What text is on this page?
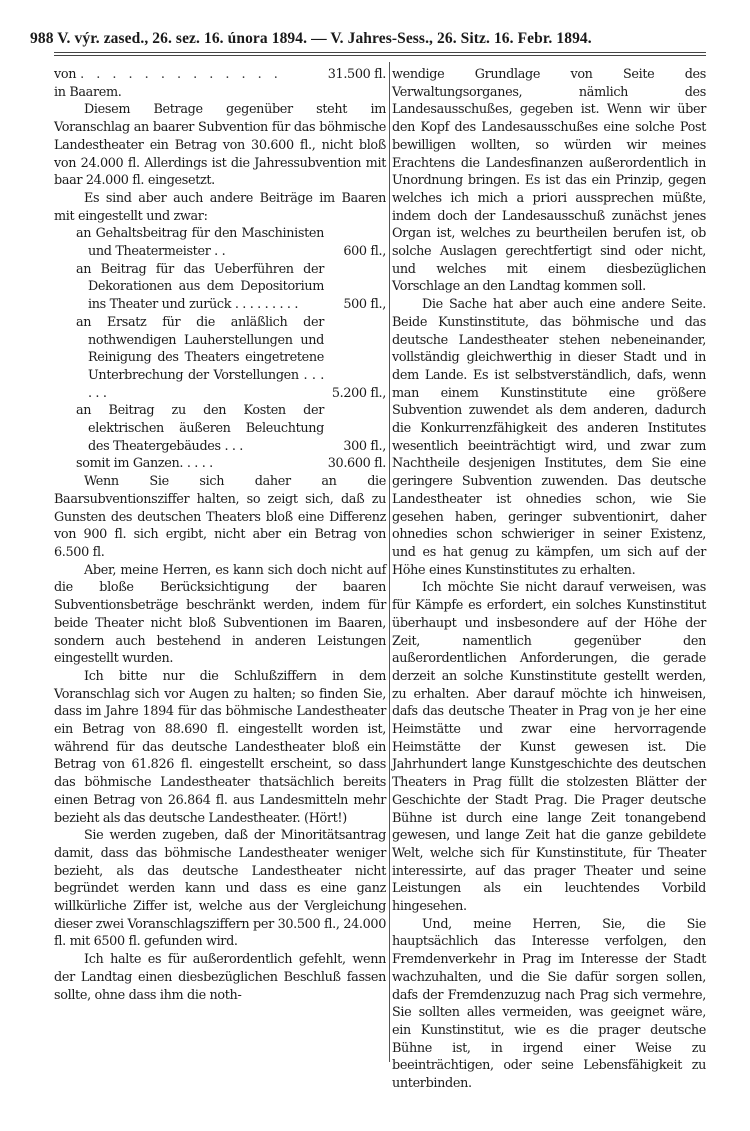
988 V. výr. zased., 26. sez. 16. února 1894. — V. Jahres-Sess., 26. Sitz. 16. Febr. 1894.
von . . . . . . . . . . . . .	31.500 fl.

in Baarem.

Diesem Betrage gegenüber steht im Voranschlag an baarer Subvention für das böhmische Landestheater ein Betrag von 30.600 fl., nicht bloß von 24.000 fl. Allerdings ist die Jahressubvention mit baar 24.000 fl. eingesetzt.

Es sind aber auch andere Beiträge im Baaren mit eingestellt und zwar:

an Gehaltsbeitrag für den Maschinisten und Theatermeister . .	600 fl.,
an Beitrag für das Ueberführen der Dekorationen aus dem Depositorium ins Theater und zurück . . . . . . . . .	500 fl.,
an Ersatz für die anläßlich der nothwendigen Lauherstellungen und Reinigung des Theaters eingetretene Unterbrechung der Vorstellungen . . . . . .	5.200 fl.,
an Beitrag zu den Kosten der elektrischen äußeren Beleuchtung des Theatergebäudes . . .	300 fl.,
somit im Ganzen. . . . .	30.600 fl.

Wenn Sie sich daher an die Baarsubventionsziffer halten, so zeigt sich, daß zu Gunsten des deutschen Theaters bloß eine Differenz von 900 fl. sich ergibt, nicht aber ein Betrag von 6.500 fl.

Aber, meine Herren, es kann sich doch nicht auf die bloße Berücksichtigung der baaren Subventionsbeträge beschränkt werden, indem für beide Theater nicht bloß Subventionen im Baaren, sondern auch bestehend in anderen Leistungen eingestellt wurden.

Ich bitte nur die Schlußziffern in dem Voranschlag sich vor Augen zu halten; so finden Sie, dass im Jahre 1894 für das böhmische Landestheater ein Betrag von 88.690 fl. eingestellt worden ist, während für das deutsche Landestheater bloß ein Betrag von 61.826 fl. eingestellt erscheint, so dass das böhmische Landestheater thatsächlich bereits einen Betrag von 26.864 fl. aus Landesmitteln mehr bezieht als das deutsche Landestheater. (Hört!)

Sie werden zugeben, daß der Minoritätsantrag damit, dass das böhmische Landestheater weniger bezieht, als das deutsche Landestheater nicht begründet werden kann und dass es eine ganz willkürliche Ziffer ist, welche aus der Vergleichung dieser zwei Voranschlagsziffern per 30.500 fl., 24.000 fl. mit 6500 fl. gefunden wird.

Ich halte es für außerordentlich gefehlt, wenn der Landtag einen diesbezüglichen Beschluß fassen sollte, ohne dass ihm die noth-

wendige Grundlage von Seite des Verwaltungsorganes, nämlich des Landesausschußes, gegeben ist. Wenn wir über den Kopf des Landesausschußes eine solche Post bewilligen wollten, so würden wir meines Erachtens die Landesfinanzen außerordentlich in Unordnung bringen. Es ist das ein Prinzip, gegen welches ich mich a priori aussprechen müßte, indem doch der Landesausschuß zunächst jenes Organ ist, welches zu beurtheilen berufen ist, ob solche Auslagen gerechtfertigt sind oder nicht, und welches mit einem diesbezüglichen Vorschlage an den Landtag kommen soll.

Die Sache hat aber auch eine andere Seite. Beide Kunstinstitute, das böhmische und das deutsche Landestheater stehen nebeneinander, vollständig gleichwerthig in dieser Stadt und in dem Lande. Es ist selbstverständlich, dafs, wenn man einem Kunstinstitute eine größere Subvention zuwendet als dem anderen, dadurch die Konkurrenzfähigkeit des anderen Institutes wesentlich beeinträchtigt wird, und zwar zum Nachtheile desjenigen Institutes, dem Sie eine geringere Subvention zuwenden. Das deutsche Landestheater ist ohnedies schon, wie Sie gesehen haben, geringer subventionirt, daher ohnedies schon schwieriger in seiner Existenz, und es hat genug zu kämpfen, um sich auf der Höhe eines Kunstinstitutes zu erhalten.

Ich möchte Sie nicht darauf verweisen, was für Kämpfe es erfordert, ein solches Kunstinstitut überhaupt und insbesondere auf der Höhe der Zeit, namentlich gegenüber den außerordentlichen Anforderungen, die gerade derzeit an solche Kunstinstitute gestellt werden, zu erhalten. Aber darauf möchte ich hinweisen, dafs das deutsche Theater in Prag von je her eine Heimstätte und zwar eine hervorragende Heimstätte der Kunst gewesen ist. Die Jahrhundert lange Kunstgeschichte des deutschen Theaters in Prag füllt die stolzesten Blätter der Geschichte der Stadt Prag. Die Prager deutsche Bühne ist durch eine lange Zeit tonangebend gewesen, und lange Zeit hat die ganze gebildete Welt, welche sich für Kunstinstitute, für Theater interessirte, auf das prager Theater und seine Leistungen als ein leuchtendes Vorbild hingesehen.

Und, meine Herren, Sie, die Sie hauptsächlich das Interesse verfolgen, den Fremdenverkehr in Prag im Interesse der Stadt wachzuhalten, und die Sie dafür sorgen sollen, dafs der Fremdenzuzug nach Prag sich vermehre, Sie sollten alles vermeiden, was geeignet wäre, ein Kunstinstitut, wie es die prager deutsche Bühne ist, in irgend einer Weise zu beeinträchtigen, oder seine Lebensfähigkeit zu unterbinden.
